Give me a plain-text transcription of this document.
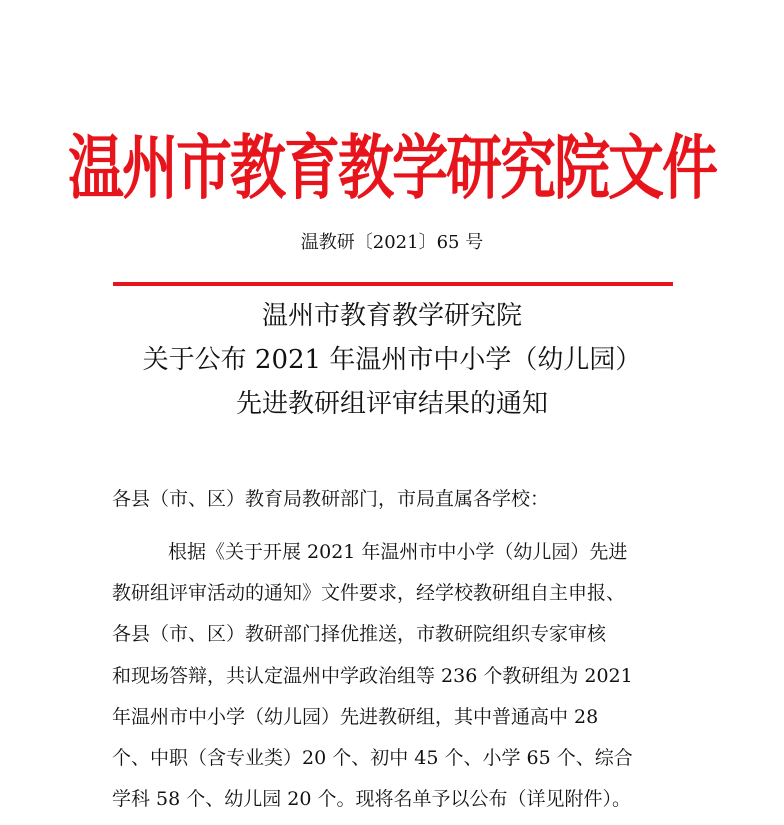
温州市教育教学研究院文件
温教研〔2021〕65 号
温州市教育教学研究院
关于公布 2021 年温州市中小学（幼儿园）
先进教研组评审结果的通知
各县（市、区）教育局教研部门，市局直属各学校：
根据《关于开展 2021 年温州市中小学（幼儿园）先进
教研组评审活动的通知》文件要求，经学校教研组自主申报、
各县（市、区）教研部门择优推送，市教研院组织专家审核
和现场答辩，共认定温州中学政治组等 236 个教研组为 2021
年温州市中小学（幼儿园）先进教研组，其中普通高中 28
个、中职（含专业类）20 个、初中 45 个、小学 65 个、综合
学科 58 个、幼儿园 20 个。现将名单予以公布（详见附件）。
